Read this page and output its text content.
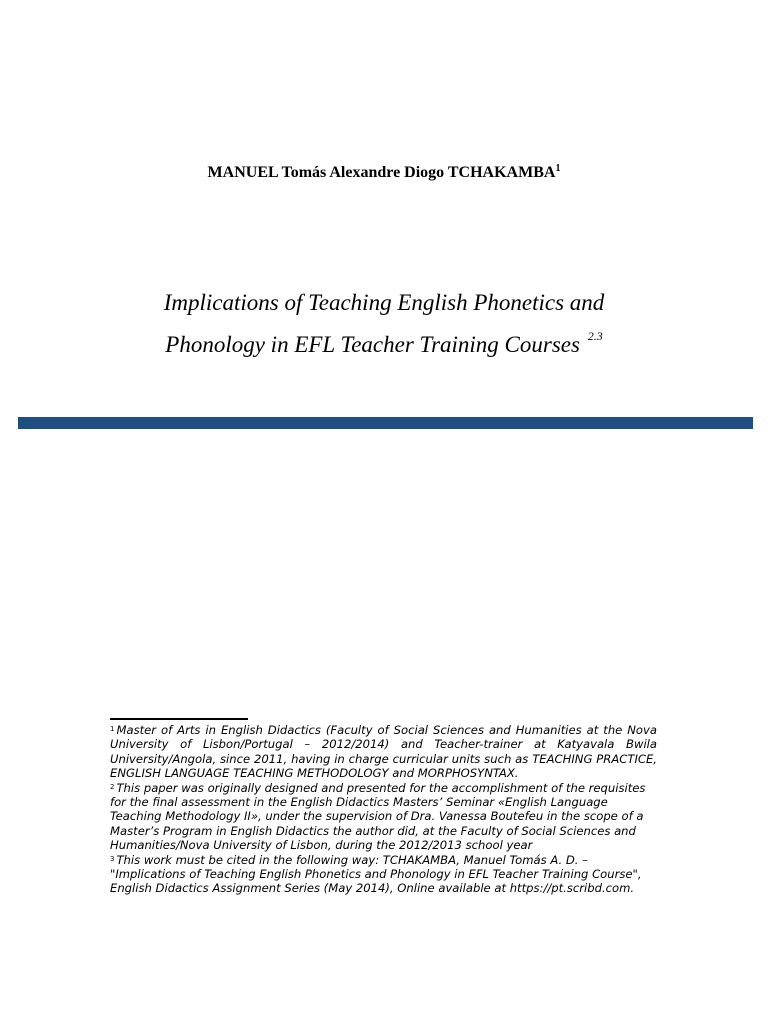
MANUEL Tomás Alexandre Diogo TCHAKAMBA$^1$
Implications of Teaching English Phonetics and
Phonology in EFL Teacher Training Courses $^{2.3}$

$^1$ Master of Arts in English Didactics (Faculty of Social Sciences and Humanities at the Nova University of Lisbon/Portugal – 2012/2014) and Teacher-trainer at Katyavala Bwila University/Angola, since 2011, having in charge curricular units such as TEACHING PRACTICE, ENGLISH LANGUAGE TEACHING METHODOLOGY and MORPHOSYNTAX.

$^2$ This paper was originally designed and presented for the accomplishment of the requisites for the final assessment in the English Didactics Masters’ Seminar «English Language Teaching Methodology II», under the supervision of Dra. Vanessa Boutefeu in the scope of a Master’s Program in English Didactics the author did, at the Faculty of Social Sciences and Humanities/Nova University of Lisbon, during the 2012/2013 school year

$^3$ This work must be cited in the following way: TCHAKAMBA, Manuel Tomás A. D. – "Implications of Teaching English Phonetics and Phonology in EFL Teacher Training Course", English Didactics Assignment Series (May 2014), Online available at https://pt.scribd.com.
